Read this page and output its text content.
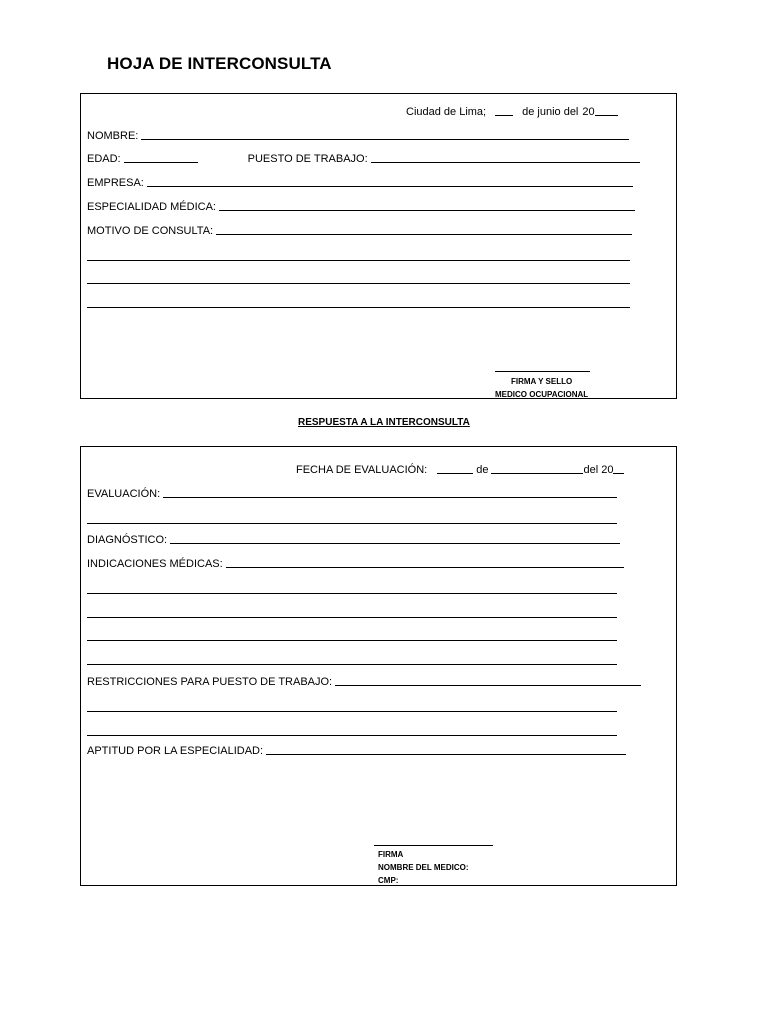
HOJA DE INTERCONSULTA
Ciudad de Lima;	de junio del 20
NOMBRE:
EDAD:	PUESTO DE TRABAJO:
EMPRESA:
ESPECIALIDAD MÉDICA:
MOTIVO DE CONSULTA:
FIRMA Y SELLO
MEDICO OCUPACIONAL
RESPUESTA A LA INTERCONSULTA
FECHA DE EVALUACIÓN:	de	del 20
EVALUACIÓN:
DIAGNÓSTICO:
INDICACIONES MÉDICAS:
RESTRICCIONES PARA PUESTO DE TRABAJO:
APTITUD POR LA ESPECIALIDAD:
FIRMA
NOMBRE DEL MEDICO:
CMP:
